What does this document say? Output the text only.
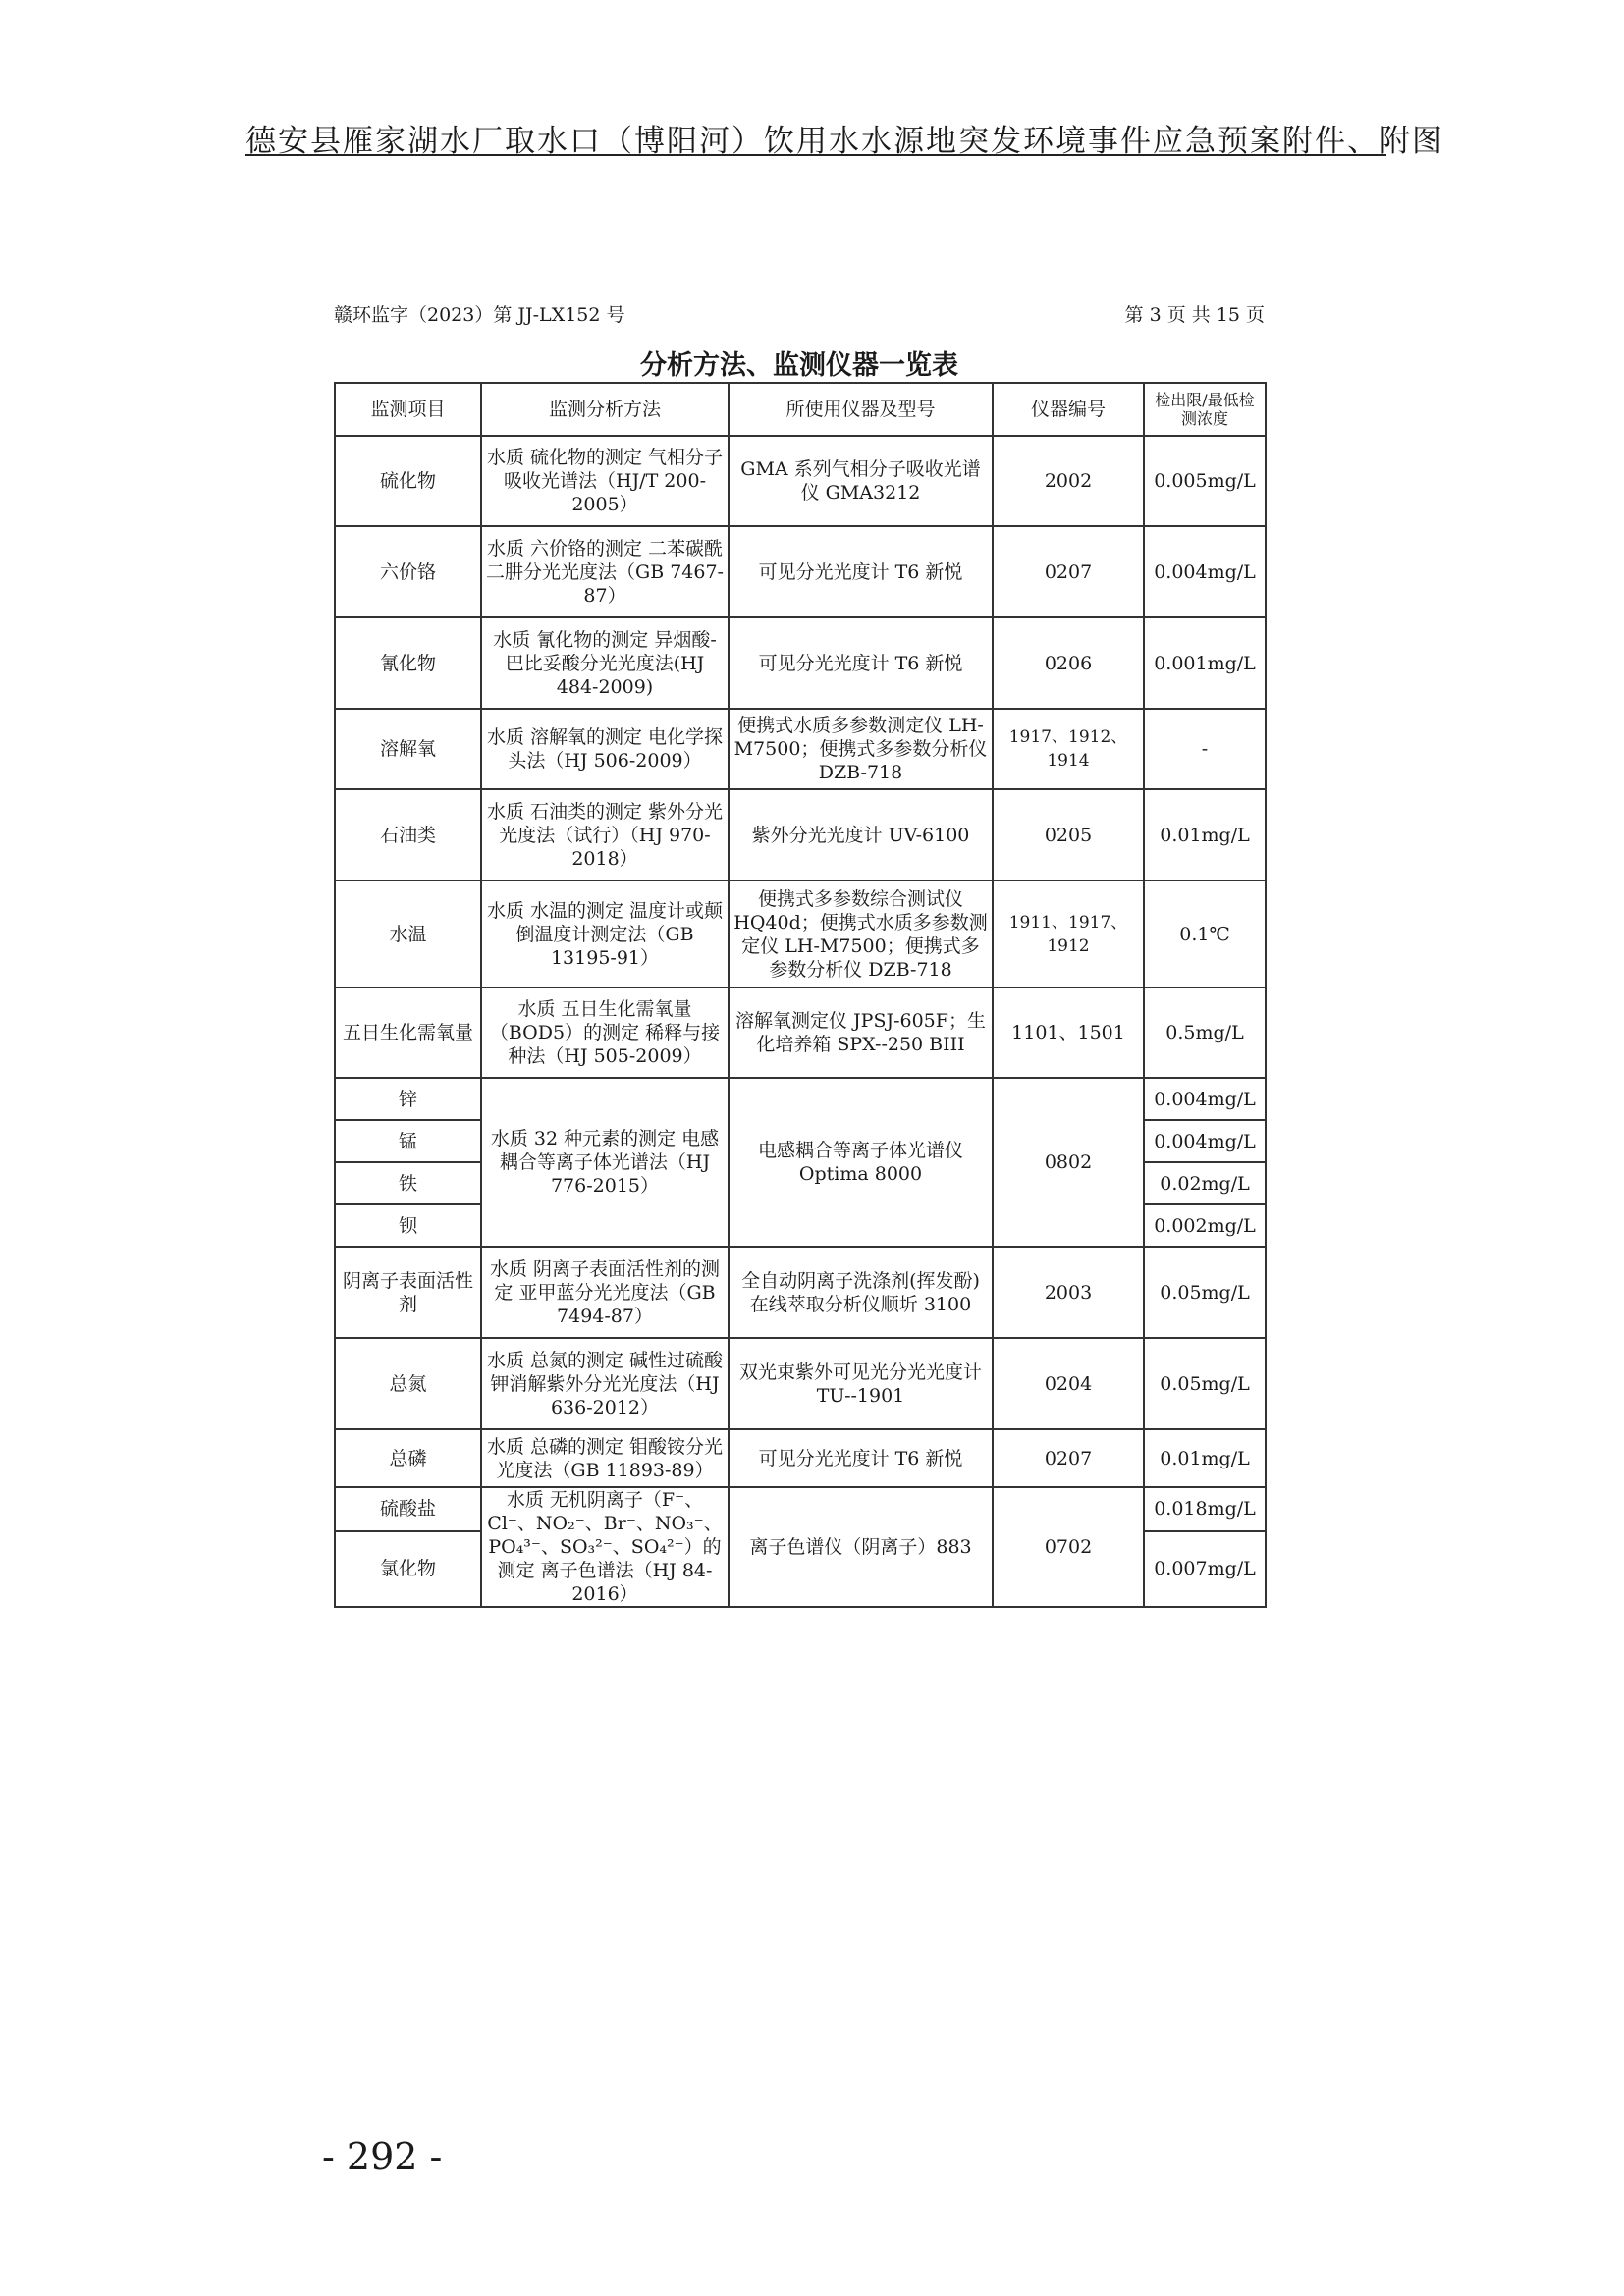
德安县雁家湖水厂取水口（博阳河）饮用水水源地突发环境事件应急预案附件、附图
赣环监字（2023）第 JJ-LX152 号	第 3 页 共 15 页
分析方法、监测仪器一览表
监测项目	监测分析方法	所使用仪器及型号	仪器编号	检出限/最低检测浓度
硫化物	水质 硫化物的测定 气相分子吸收光谱法（HJ/T 200-2005）	GMA 系列气相分子吸收光谱仪 GMA3212	2002	0.005mg/L
六价铬	水质 六价铬的测定 二苯碳酰二肼分光光度法（GB 7467-87）	可见分光光度计 T6 新悦	0207	0.004mg/L
氰化物	水质 氰化物的测定 异烟酸-巴比妥酸分光光度法(HJ 484-2009)	可见分光光度计 T6 新悦	0206	0.001mg/L
溶解氧	水质 溶解氧的测定 电化学探头法（HJ 506-2009）	便携式水质多参数测定仪 LH-M7500；便携式多参数分析仪 DZB-718	1917、1912、1914	-
石油类	水质 石油类的测定 紫外分光光度法（试行）（HJ 970-2018）	紫外分光光度计 UV-6100	0205	0.01mg/L
水温	水质 水温的测定 温度计或颠倒温度计测定法（GB 13195-91）	便携式多参数综合测试仪 HQ40d；便携式水质多参数测定仪 LH-M7500；便携式多参数分析仪 DZB-718	1911、1917、1912	0.1℃
五日生化需氧量	水质 五日生化需氧量（BOD5）的测定 稀释与接种法（HJ 505-2009）	溶解氧测定仪 JPSJ-605F；生化培养箱 SPX--250 BIII	1101、1501	0.5mg/L
锌	水质 32 种元素的测定 电感耦合等离子体光谱法（HJ 776-2015）	电感耦合等离子体光谱仪 Optima 8000	0802	0.004mg/L
锰				0.004mg/L
铁				0.02mg/L
钡				0.002mg/L
阴离子表面活性剂	水质 阴离子表面活性剂的测定 亚甲蓝分光光度法（GB 7494-87）	全自动阴离子洗涤剂(挥发酚)在线萃取分析仪顺圻 3100	2003	0.05mg/L
总氮	水质 总氮的测定 碱性过硫酸钾消解紫外分光光度法（HJ 636-2012）	双光束紫外可见光分光光度计 TU--1901	0204	0.05mg/L
总磷	水质 总磷的测定 钼酸铵分光光度法（GB 11893-89）	可见分光光度计 T6 新悦	0207	0.01mg/L
硫酸盐	水质 无机阴离子（F⁻、Cl⁻、NO₂⁻、Br⁻、NO₃⁻、PO₄³⁻、SO₃²⁻、SO₄²⁻）的测定 离子色谱法（HJ 84-2016）	离子色谱仪（阴离子）883	0702	0.018mg/L
氯化物				0.007mg/L
- 292 -
